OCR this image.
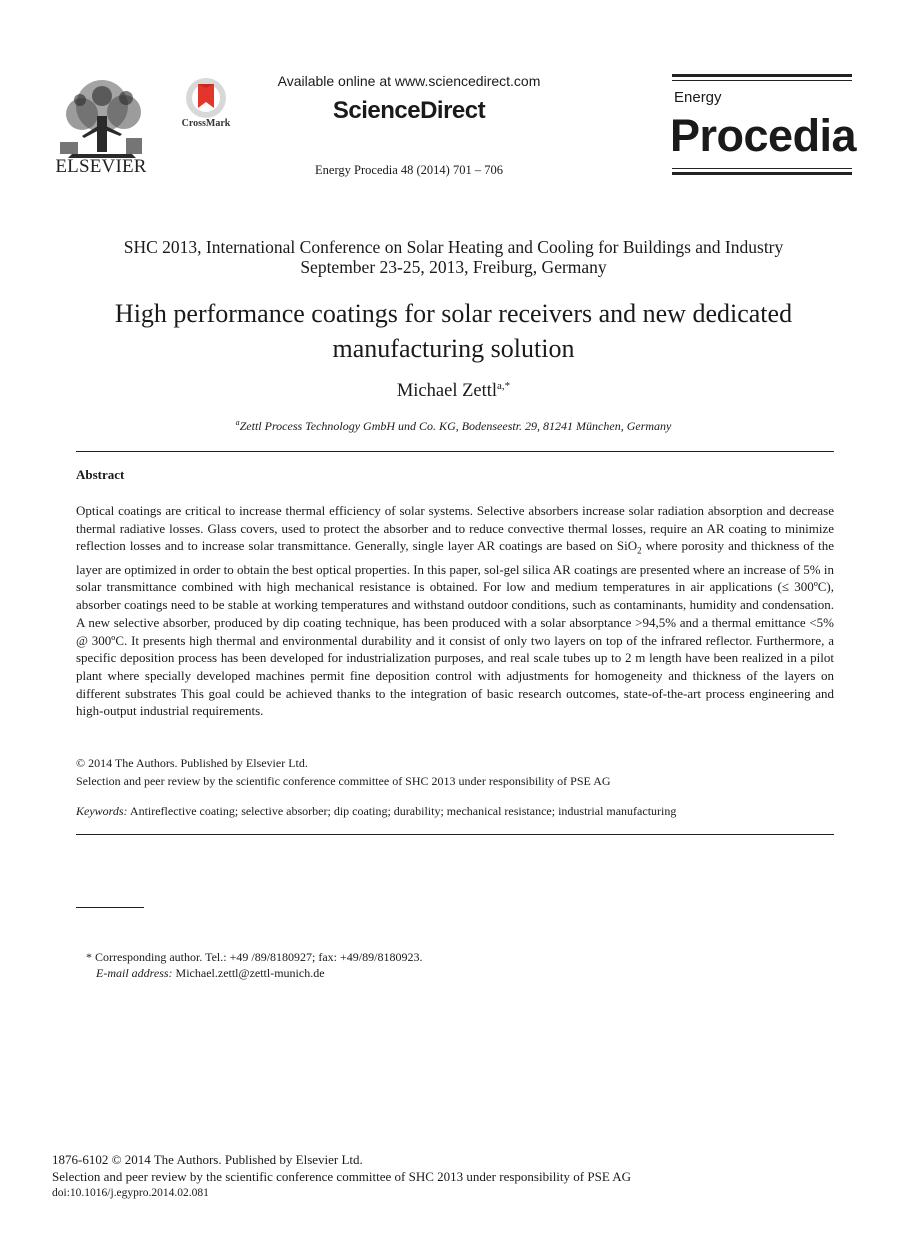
ELSEVIER
CrossMark
Available online at www.sciencedirect.com
ScienceDirect
Energy Procedia 48 (2014) 701 – 706
Energy
Procedia
SHC 2013, International Conference on Solar Heating and Cooling for Buildings and Industry
September 23-25, 2013, Freiburg, Germany
High performance coatings for solar receivers and new dedicated manufacturing solution
Michael Zettl$^{a,*}$
$^a$Zettl Process Technology GmbH und Co. KG, Bodenseestr. 29, 81241 München, Germany
Abstract
Optical coatings are critical to increase thermal efficiency of solar systems. Selective absorbers increase solar radiation absorption and decrease thermal radiative losses. Glass covers, used to protect the absorber and to reduce convective thermal losses, require an AR coating to minimize reflection losses and to increase solar transmittance. Generally, single layer AR coatings are based on SiO$_2$ where porosity and thickness of the layer are optimized in order to obtain the best optical properties. In this paper, sol-gel silica AR coatings are presented where an increase of 5% in solar transmittance combined with high mechanical resistance is obtained. For low and medium temperatures in air applications (≤ 300ºC), absorber coatings need to be stable at working temperatures and withstand outdoor conditions, such as contaminants, humidity and condensation. A new selective absorber, produced by dip coating technique, has been produced with a solar absorptance >94,5% and a thermal emittance <5% @ 300ºC. It presents high thermal and environmental durability and it consist of only two layers on top of the infrared reflector. Furthermore, a specific deposition process has been developed for industrialization purposes, and real scale tubes up to 2 m length have been realized in a pilot plant where specially developed machines permit fine deposition control with adjustments for homogeneity and thickness of the layers on different substrates This goal could be achieved thanks to the integration of basic research outcomes, state-of-the-art process engineering and high-output industrial requirements.
© 2014 The Authors. Published by Elsevier Ltd.
Selection and peer review by the scientific conference committee of SHC 2013 under responsibility of PSE AG
Keywords: Antireflective coating; selective absorber; dip coating; durability; mechanical resistance; industrial manufacturing
* Corresponding author. Tel.: +49 /89/8180927; fax: +49/89/8180923.
E-mail address: Michael.zettl@zettl-munich.de
1876-6102 © 2014 The Authors. Published by Elsevier Ltd.
Selection and peer review by the scientific conference committee of SHC 2013 under responsibility of PSE AG
doi:10.1016/j.egypro.2014.02.081
